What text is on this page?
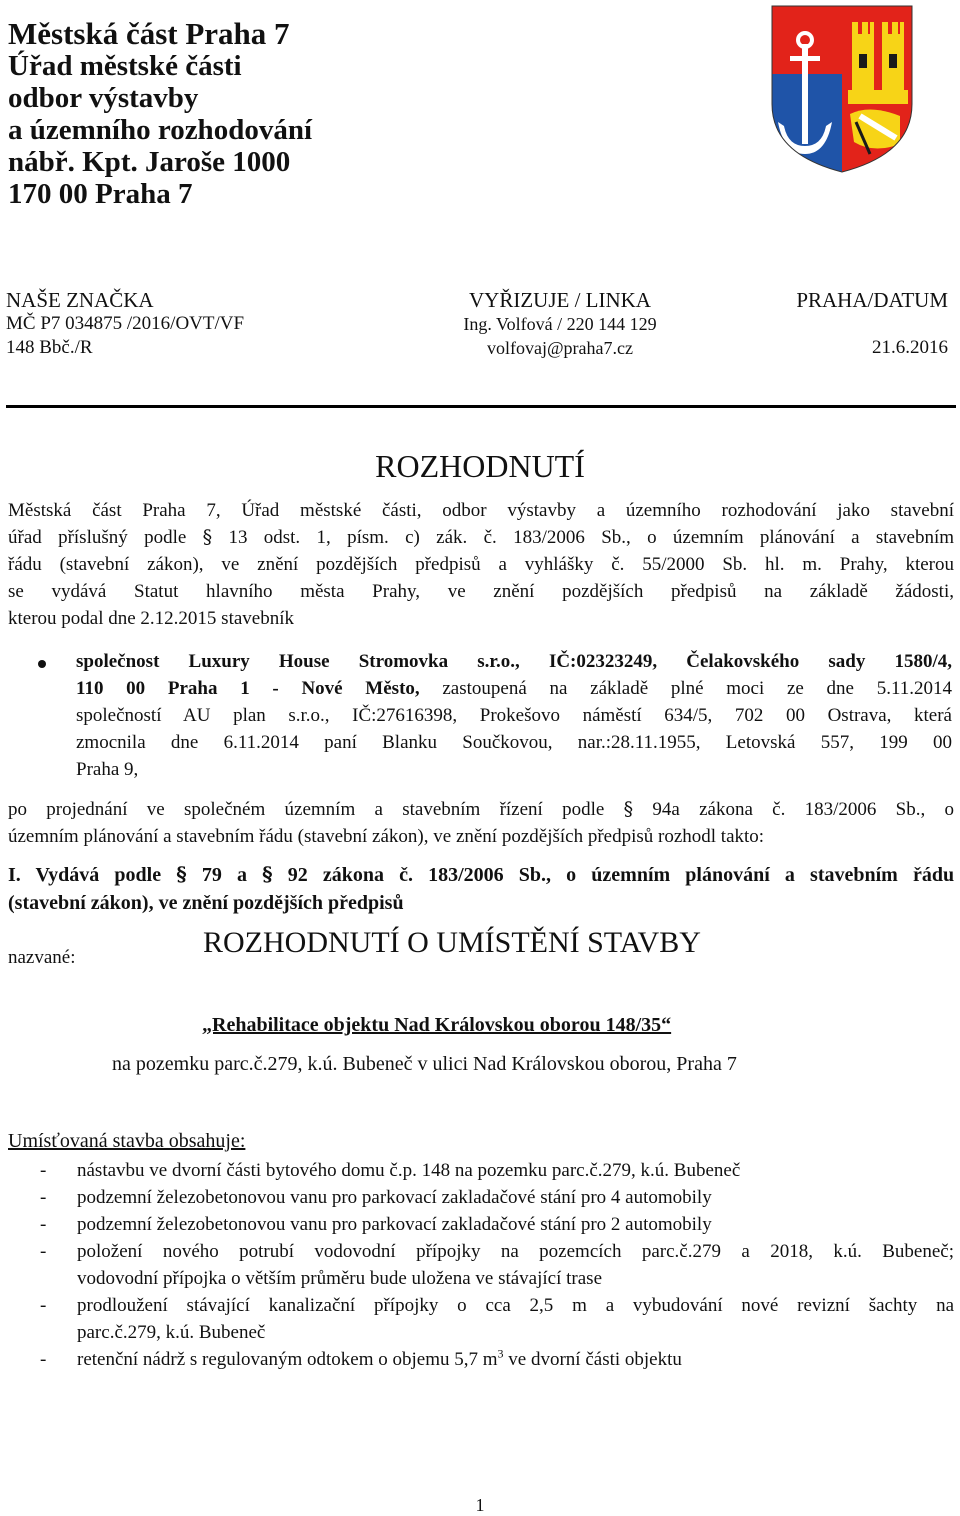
Městská část Praha 7
Úřad městské části
odbor výstavby
a územního rozhodování
nábř. Kpt. Jaroše 1000
170 00 Praha 7
NAŠE ZNAČKA
MČ P7 034875 /2016/OVT/VF
148 Bbč./R
VYŘIZUJE / LINKA
Ing. Volfová / 220 144 129
volfovaj@praha7.cz
PRAHA/DATUM

21.6.2016
ROZHODNUTÍ
Městská část Praha 7, Úřad městské části, odbor výstavby a územního rozhodování jako stavební
úřad příslušný podle § 13 odst. 1, písm. c) zák. č. 183/2006 Sb., o územním plánování a stavebním
řádu (stavební zákon), ve znění pozdějších předpisů a vyhlášky č. 55/2000 Sb. hl. m. Prahy, kterou
se vydává Statut hlavního města Prahy, ve znění pozdějších předpisů na základě žádosti,
kterou podal dne 2.12.2015 stavebník
společnost Luxury House Stromovka s.r.o., IČ:02323249, Čelakovského sady 1580/4,
110 00 Praha 1 - Nové Město, zastoupená na základě plné moci ze dne 5.11.2014
společností AU plan s.r.o., IČ:27616398, Prokešovo náměstí 634/5, 702 00 Ostrava, která
zmocnila dne 6.11.2014 paní Blanku Součkovou, nar.:28.11.1955, Letovská 557, 199 00
Praha 9,
po projednání ve společném územním a stavebním řízení podle § 94a zákona č. 183/2006 Sb., o
územním plánování a stavebním řádu (stavební zákon), ve znění pozdějších předpisů rozhodl takto:
I. Vydává podle § 79 a § 92 zákona č. 183/2006 Sb., o územním plánování a stavebním řádu
(stavební zákon), ve znění pozdějších předpisů
ROZHODNUTÍ O UMÍSTĚNÍ STAVBY
nazvané:
„Rehabilitace objektu Nad Královskou oborou 148/35“
na pozemku parc.č.279, k.ú. Bubeneč v ulici Nad Královskou oborou, Praha 7
Umísťovaná stavba obsahuje:
- nástavbu ve dvorní části bytového domu č.p. 148 na pozemku parc.č.279, k.ú. Bubeneč
- podzemní železobetonovou vanu pro parkovací zakladačové stání pro 4 automobily
- podzemní železobetonovou vanu pro parkovací zakladačové stání pro 2 automobily
- položení nového potrubí vodovodní přípojky na pozemcích parc.č.279 a 2018, k.ú. Bubeneč;
vodovodní přípojka o větším průměru bude uložena ve stávající trase
- prodloužení stávající kanalizační přípojky o cca 2,5 m a vybudování nové revizní šachty na
parc.č.279, k.ú. Bubeneč
- retenční nádrž s regulovaným odtokem o objemu 5,7 $m^3$ ve dvorní části objektu
1
